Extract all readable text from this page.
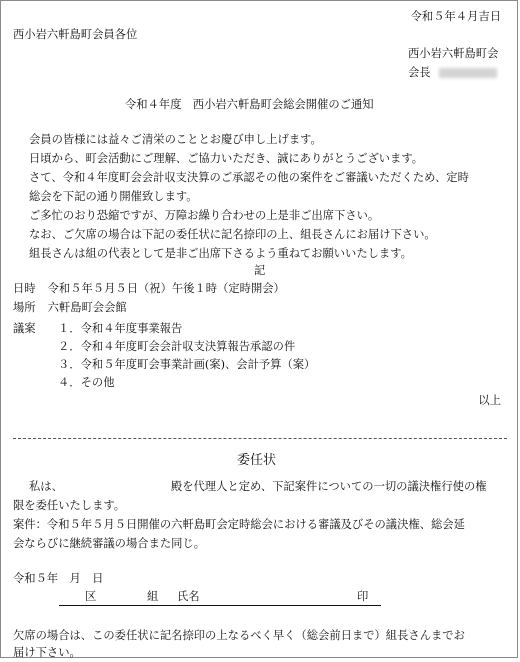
令和５年４月吉日
西小岩六軒島町会員各位
西小岩六軒島町会
会長
令和４年度　西小岩六軒島町会総会開催のご通知
会員の皆様には益々ご清栄のこととお慶び申し上げます。
日頃から、町会活動にご理解、ご協力いただき、誠にありがとうございます。
さて、令和４年度町会会計収支決算のご承認その他の案件をご審議いただくため、定時
総会を下記の通り開催致します。
ご多忙のおり恐縮ですが、万障お繰り合わせの上是非ご出席下さい。
なお、ご欠席の場合は下記の委任状に記名捺印の上、組長さんにお届け下さい。
組長さんは組の代表として是非ご出席下さるよう重ねてお願いいたします。
記
日時 令和５年５月５日（祝）午後１時（定時開会）
場所 六軒島町会会館
議案 １．令和４年度事業報告
２．令和４年度町会会計収支決算報告承認の件
３．令和５年度町会事業計画(案)、会計予算（案）
４．その他
以上
委任状
私は、	殿を代理人と定め、下記案件についての一切の議決権行使の権
限を委任いたします。
案件：令和５年５月５日開催の六軒島町会定時総会における審議及びその議決権、総会延
会ならびに継続審議の場合また同じ。
令和５年　月　日
区	組 氏名	印
欠席の場合は、この委任状に記名捺印の上なるべく早く（総会前日まで）組長さんまでお
届け下さい。
